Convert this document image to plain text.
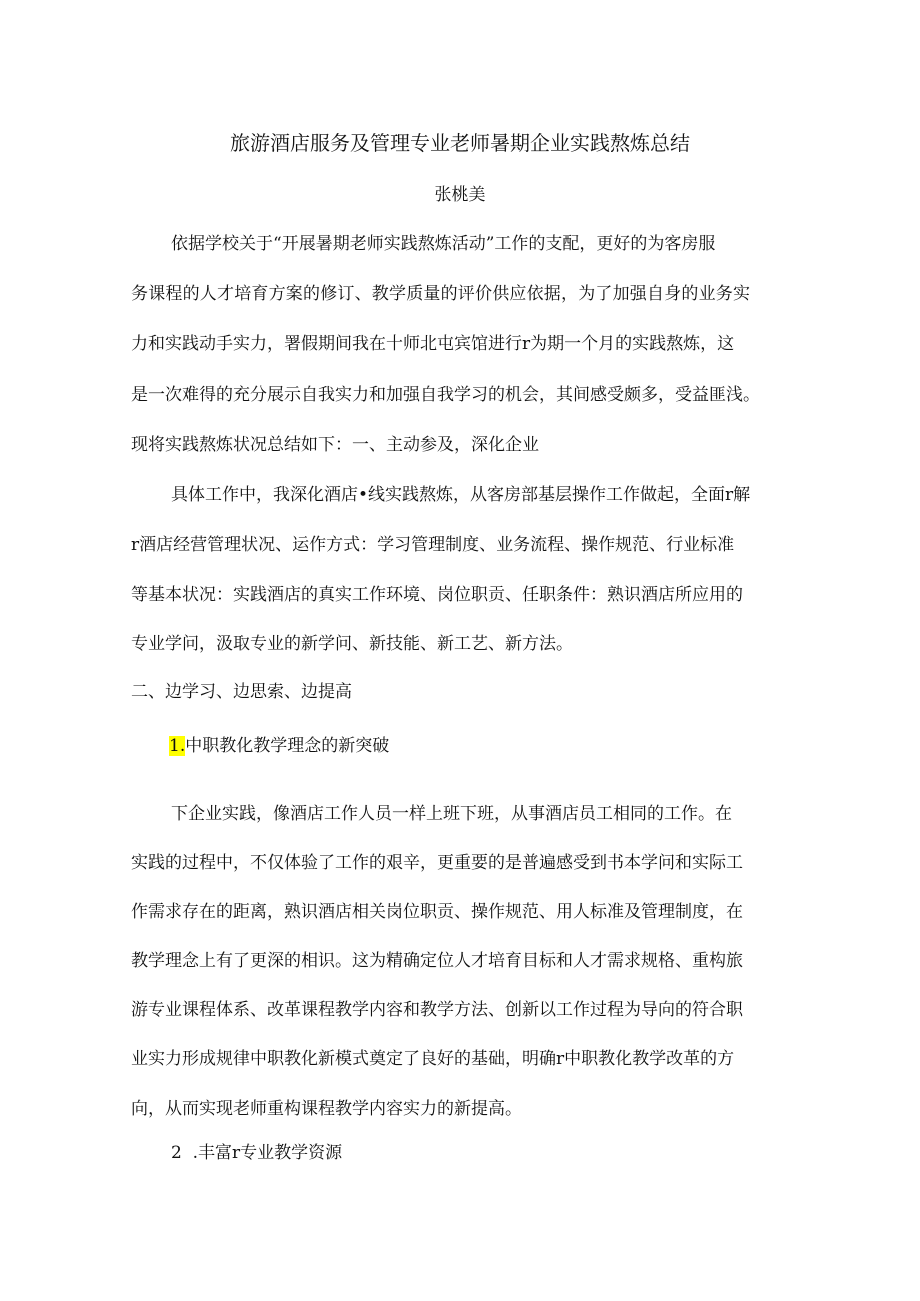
旅游酒店服务及管理专业老师暑期企业实践熬炼总结
张桃美
依据学校关于“开展暑期老师实践熬炼活动”工作的支配，更好的为客房服
务课程的人才培育方案的修订、教学质量的评价供应依据，为了加强自身的业务实
力和实践动手实力，署假期间我在十师北屯宾馆进行r为期一个月的实践熬炼，这
是一次难得的充分展示自我实力和加强自我学习的机会，其间感受颇多，受益匪浅。
现将实践熬炼状况总结如下：一、主动参及，深化企业
具体工作中，我深化酒店•线实践熬炼，从客房部基层操作工作做起，全面r解
r酒店经营管理状况、运作方式：学习管理制度、业务流程、操作规范、行业标准
等基本状况：实践酒店的真实工作环境、岗位职贡、任职条件：熟识酒店所应用的
专业学问，汲取专业的新学问、新技能、新工艺、新方法。
二、边学习、边思索、边提高
1.中职教化教学理念的新突破
下企业实践，像酒店工作人员一样上班下班，从事酒店员工相同的工作。在
实践的过程中，不仅体验了工作的艰辛，更重要的是普遍感受到书本学问和实际工
作需求存在的距离，熟识酒店相关岗位职贡、操作规范、用人标准及管理制度，在
教学理念上有了更深的相识。这为精确定位人才培育目标和人才需求规格、重构旅
游专业课程体系、改革课程教学内容和教学方法、创新以工作过程为导向的符合职
业实力形成规律中职教化新模式奠定了良好的基础，明确r中职教化教学改革的方
向，从而实现老师重构课程教学内容实力的新提高。
2  .丰富r专业教学资源
